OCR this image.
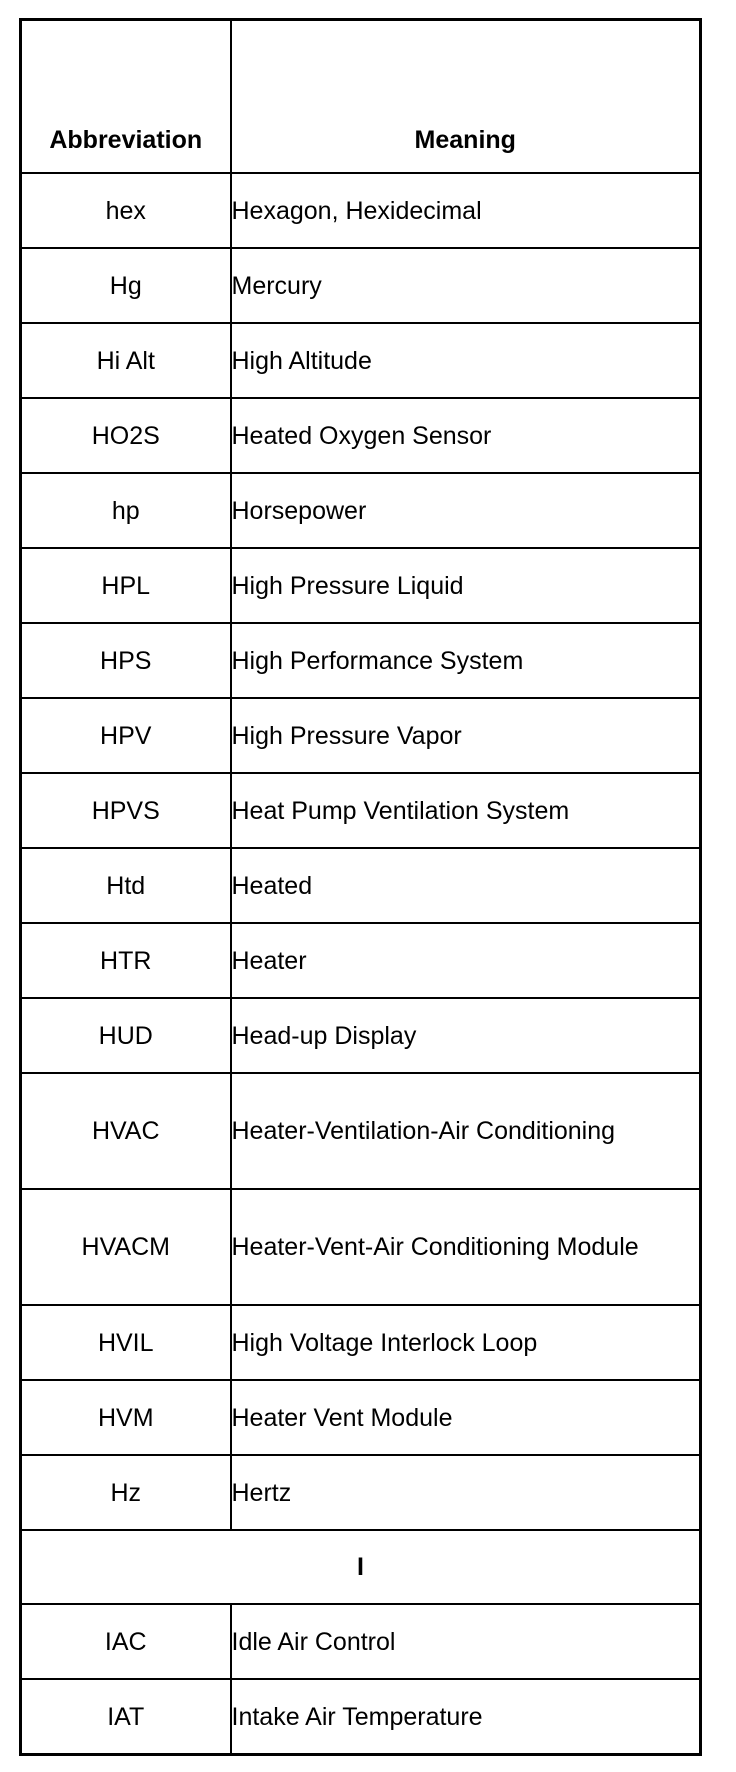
Abbreviation	Meaning
hex	Hexagon, Hexidecimal
Hg	Mercury
Hi Alt	High Altitude
HO2S	Heated Oxygen Sensor
hp	Horsepower
HPL	High Pressure Liquid
HPS	High Performance System
HPV	High Pressure Vapor
HPVS	Heat Pump Ventilation System
Htd	Heated
HTR	Heater
HUD	Head-up Display
HVAC	Heater-Ventilation-Air Conditioning
HVACM	Heater-Vent-Air Conditioning Module
HVIL	High Voltage Interlock Loop
HVM	Heater Vent Module
Hz	Hertz
I	
IAC	Idle Air Control
IAT	Intake Air Temperature
